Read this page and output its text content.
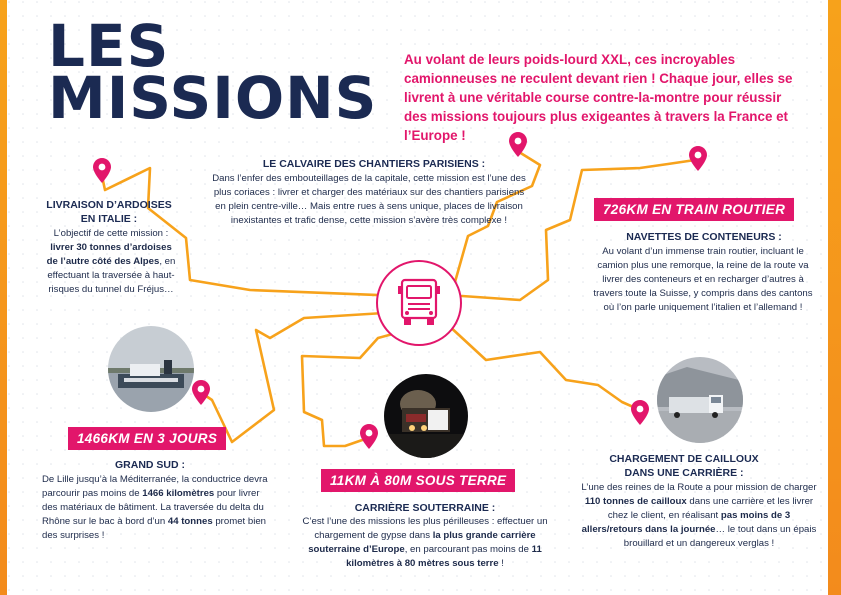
LES
MISSIONS

Au volant de leurs poids-lourd XXL, ces incroyables camionneuses ne reculent devant rien ! Chaque jour, elles se livrent à une véritable course contre-la-montre pour réussir des missions toujours plus exigeantes à travers la France et l’Europe !

LIVRAISON D’ARDOISES EN ITALIE :

L’objectif de cette mission : livrer 30 tonnes d’ardoises de l’autre côté des Alpes, en effectuant la traversée à haut-risques du tunnel du Fréjus…

LE CALVAIRE DES CHANTIERS PARISIENS :

Dans l’enfer des embouteillages de la capitale, cette mission est l’une des plus coriaces : livrer et charger des matériaux sur des chantiers parisiens en plein centre-ville… Mais entre rues à sens unique, places de livraison inexistantes et trafic dense, cette mission s’avère très complexe !

726KM EN TRAIN ROUTIER

NAVETTES DE CONTENEURS :

Au volant d’un immense train routier, incluant le camion plus une remorque, la reine de la route va livrer des conteneurs et en recharger d’autres à travers toute la Suisse, y compris dans des cantons où l’on parle uniquement l’italien et l’allemand !

1466KM EN 3 JOURS

GRAND SUD :

De Lille jusqu’à la Méditerranée, la conductrice devra parcourir pas moins de 1466 kilomètres pour livrer des matériaux de bâtiment. La traversée du delta du Rhône sur le bac à bord d’un 44 tonnes promet bien des surprises !

11KM À 80M SOUS TERRE

CARRIÈRE SOUTERRAINE :

C’est l’une des missions les plus périlleuses : effectuer un chargement de gypse dans la plus grande carrière souterraine d’Europe, en parcourant pas moins de 11 kilomètres à 80 mètres sous terre !

CHARGEMENT DE CAILLOUX
DANS UNE CARRIÈRE :

L’une des reines de la Route a pour mission de charger 110 tonnes de cailloux dans une carrière et les livrer chez le client, en réalisant pas moins de 3 allers/retours dans la journée… le tout dans un épais brouillard et un dangereux verglas !
